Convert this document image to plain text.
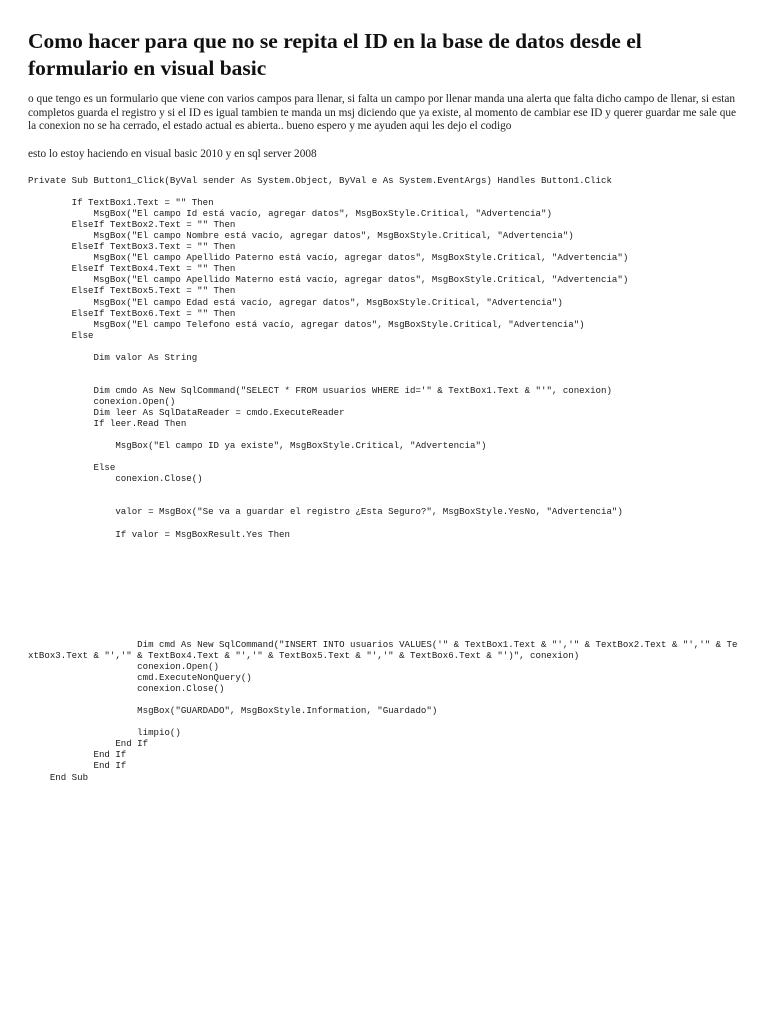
Como hacer para que no se repita el ID en la base de datos desde el formulario en visual basic

o que tengo es un formulario que viene con varios campos para llenar, si falta un campo por llenar manda una alerta que falta dicho campo de llenar, si estan completos guarda el registro y si el ID es igual tambien te manda un msj diciendo que ya existe, al momento de cambiar ese ID y querer guardar me sale que la conexion no se ha cerrado, el estado actual es abierta.. bueno espero y me ayuden aqui les dejo el codigo

esto lo estoy haciendo en visual basic 2010 y en sql server 2008

Private Sub Button1_Click(ByVal sender As System.Object, ByVal e As System.EventArgs) Handles Button1.Click

If TextBox1.Text = "" Then
MsgBox("El campo Id está vacío, agregar datos", MsgBoxStyle.Critical, "Advertencia")
ElseIf TextBox2.Text = "" Then
MsgBox("El campo Nombre está vacío, agregar datos", MsgBoxStyle.Critical, "Advertencia")
ElseIf TextBox3.Text = "" Then
MsgBox("El campo Apellido Paterno está vacío, agregar datos", MsgBoxStyle.Critical, "Advertencia")
ElseIf TextBox4.Text = "" Then
MsgBox("El campo Apellido Materno está vacío, agregar datos", MsgBoxStyle.Critical, "Advertencia")
ElseIf TextBox5.Text = "" Then
MsgBox("El campo Edad está vacío, agregar datos", MsgBoxStyle.Critical, "Advertencia")
ElseIf TextBox6.Text = "" Then
MsgBox("El campo Telefono está vacío, agregar datos", MsgBoxStyle.Critical, "Advertencia")
Else

Dim valor As String

Dim cmdo As New SqlCommand("SELECT * FROM usuarios WHERE id='" & TextBox1.Text & "'", conexion)
conexion.Open()
Dim leer As SqlDataReader = cmdo.ExecuteReader
If leer.Read Then

MsgBox("El campo ID ya existe", MsgBoxStyle.Critical, "Advertencia")

Else
conexion.Close()

valor = MsgBox("Se va a guardar el registro ¿Esta Seguro?", MsgBoxStyle.YesNo, "Advertencia")

If valor = MsgBoxResult.Yes Then

Dim cmd As New SqlCommand("INSERT INTO usuarios VALUES('" & TextBox1.Text & "','" & TextBox2.Text & "','" & TextBox3.Text & "','" & TextBox4.Text & "','" & TextBox5.Text & "','" & TextBox6.Text & "')", conexion)
conexion.Open()
cmd.ExecuteNonQuery()
conexion.Close()

MsgBox("GUARDADO", MsgBoxStyle.Information, "Guardado")

limpio()
End If
End If
End If
End Sub
